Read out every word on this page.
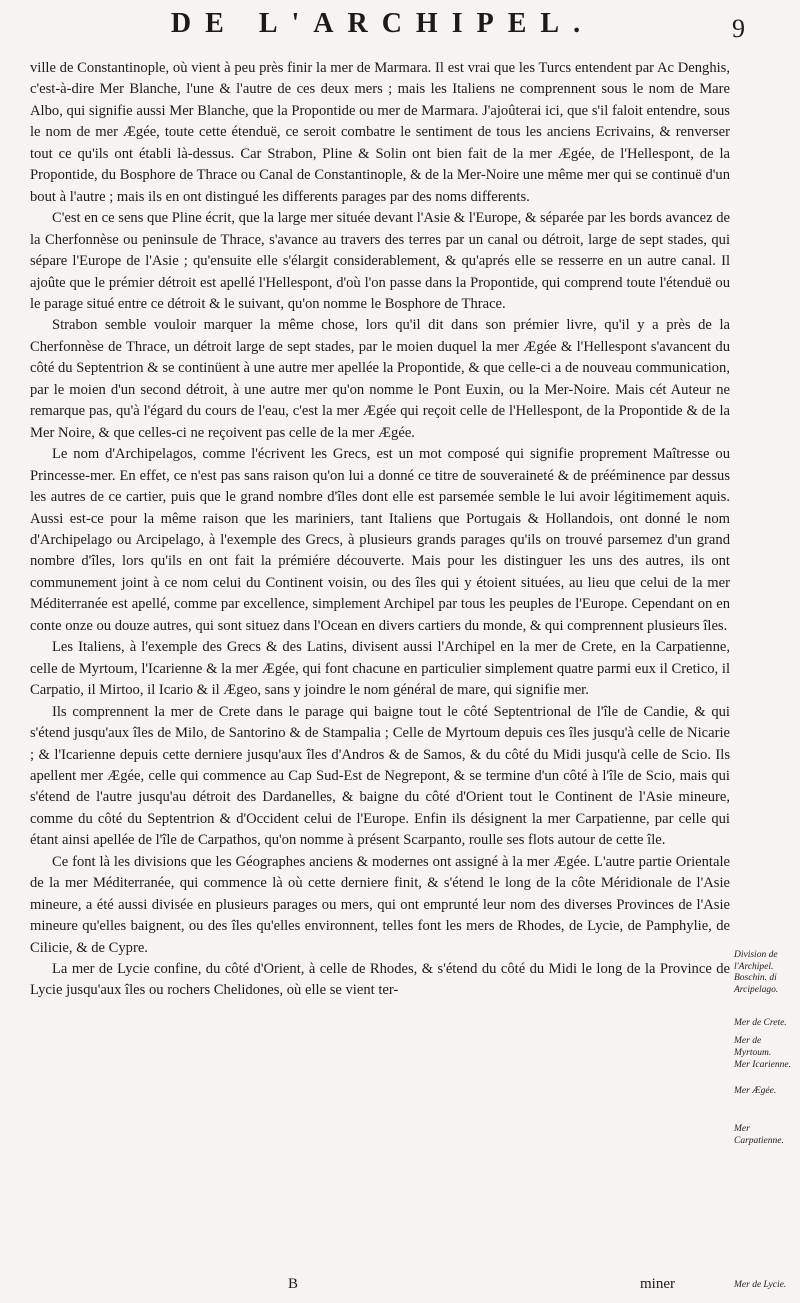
DE L'ARCHIPEL.	9

ville de Constantinople, où vient à peu près finir la mer de Marmara. Il est vrai que les Turcs entendent par Ac Denghis, c'est-à-dire Mer Blanche, l'une & l'autre de ces deux mers ; mais les Italiens ne comprennent sous le nom de Mare Albo, qui signifie aussi Mer Blanche, que la Propontide ou mer de Marmara. J'ajoûterai ici, que s'il faloit entendre, sous le nom de mer Ægée, toute cette étenduë, ce seroit combatre le sentiment de tous les anciens Ecrivains, & renverser tout ce qu'ils ont établi là-dessus. Car Strabon, Pline & Solin ont bien fait de la mer Ægée, de l'Hellespont, de la Propontide, du Bosphore de Thrace ou Canal de Constantinople, & de la Mer-Noire une même mer qui se continuë d'un bout à l'autre ; mais ils en ont distingué les differents parages par des noms differents.

C'est en ce sens que Pline écrit, que la large mer située devant l'Asie & l'Europe, & séparée par les bords avancez de la Cherfonnèse ou peninsule de Thrace, s'avance au travers des terres par un canal ou détroit, large de sept stades, qui sépare l'Europe de l'Asie ; qu'ensuite elle s'élargit considerablement, & qu'aprés elle se resserre en un autre canal. Il ajoûte que le prémier détroit est apellé l'Hellespont, d'où l'on passe dans la Propontide, qui comprend toute l'étenduë ou le parage situé entre ce détroit & le suivant, qu'on nomme le Bosphore de Thrace.

Strabon semble vouloir marquer la même chose, lors qu'il dit dans son prémier livre, qu'il y a près de la Cherfonnèse de Thrace, un détroit large de sept stades, par le moien duquel la mer Ægée & l'Hellespont s'avancent du côté du Septentrion & se continüent à une autre mer apellée la Propontide, & que celle-ci a de nouveau communication, par le moien d'un second détroit, à une autre mer qu'on nomme le Pont Euxin, ou la Mer-Noire. Mais cét Auteur ne remarque pas, qu'à l'égard du cours de l'eau, c'est la mer Ægée qui reçoit celle de l'Hellespont, de la Propontide & de la Mer Noire, & que celles-ci ne reçoivent pas celle de la mer Ægée.

Le nom d'Archipelagos, comme l'écrivent les Grecs, est un mot composé qui signifie proprement Maîtresse ou Princesse-mer. En effet, ce n'est pas sans raison qu'on lui a donné ce titre de souveraineté & de prééminence par dessus les autres de ce cartier, puis que le grand nombre d'îles dont elle est parsemée semble le lui avoir légitimement aquis. Aussi est-ce pour la même raison que les mariniers, tant Italiens que Portugais & Hollandois, ont donné le nom d'Archipelago ou Arcipelago, à l'exemple des Grecs, à plusieurs grands parages qu'ils on trouvé parsemez d'un grand nombre d'îles, lors qu'ils en ont fait la prémiére découverte. Mais pour les distinguer les uns des autres, ils ont communement joint à ce nom celui du Continent voisin, ou des îles qui y étoient situées, au lieu que celui de la mer Méditerranée est apellé, comme par excellence, simplement Archipel par tous les peuples de l'Europe. Cependant on en conte onze ou douze autres, qui sont situez dans l'Ocean en divers cartiers du monde, & qui comprennent plusieurs îles.

Les Italiens, à l'exemple des Grecs & des Latins, divisent aussi l'Archipel en la mer de Crete, en la Carpatienne, celle de Myrtoum, l'Icarienne & la mer Ægée, qui font chacune en particulier simplement quatre parmi eux il Cretico, il Carpatio, il Mirtoo, il Icario & il Ægeo, sans y joindre le nom général de mare, qui signifie mer.

Ils comprennent la mer de Crete dans le parage qui baigne tout le côté Septentrional de l'île de Candie, & qui s'étend jusqu'aux îles de Milo, de Santorino & de Stampalia ; Celle de Myrtoum depuis ces îles jusqu'à celle de Nicarie ; & l'Icarienne depuis cette derniere jusqu'aux îles d'Andros & de Samos, & du côté du Midi jusqu'à celle de Scio. Ils apellent mer Ægée, celle qui commence au Cap Sud-Est de Negrepont, & se termine d'un côté à l'île de Scio, mais qui s'étend de l'autre jusqu'au détroit des Dardanelles, & baigne du côté d'Orient tout le Continent de l'Asie mineure, comme du côté du Septentrion & d'Occident celui de l'Europe. Enfin ils désignent la mer Carpatienne, par celle qui étant ainsi apellée de l'île de Carpathos, qu'on nomme à présent Scarpanto, roulle ses flots autour de cette île.

Ce font là les divisions que les Géographes anciens & modernes ont assigné à la mer Ægée. L'autre partie Orientale de la mer Méditerranée, qui commence là où cette derniere finit, & s'étend le long de la côte Méridionale de l'Asie mineure, a été aussi divisée en plusieurs parages ou mers, qui ont emprunté leur nom des diverses Provinces de l'Asie mineure qu'elles baignent, ou des îles qu'elles environnent, telles font les mers de Rhodes, de Lycie, de Pamphylie, de Cilicie, & de Cypre.

La mer de Lycie confine, du côté d'Orient, à celle de Rhodes, & s'étend du côté du Midi le long de la Province de Lycie jusqu'aux îles ou rochers Chelidones, où elle se vient ter-

Division de l'Archipel. Boschin. di Arcipelago.
Mer de Crete.
Mer de Myrtoum.
Mer Icarienne.
Mer Ægée.
Mer Carpatienne.
Mer de Lycie.
B	miner
